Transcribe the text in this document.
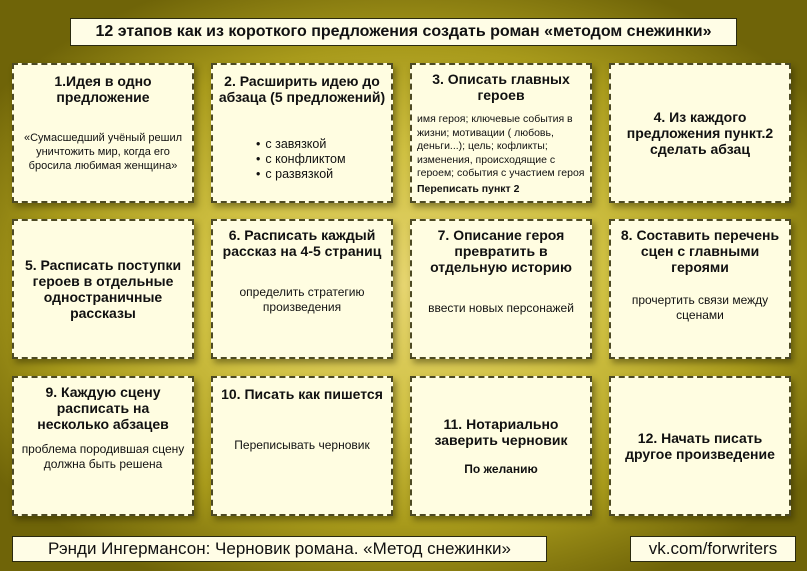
12 этапов как из короткого предложения создать роман «методом снежинки»
1.Идея в одно предложение

«Сумасшедший учёный решил уничтожить мир, когда его бросила любимая женщина»

2. Расширить идею до абзаца (5 предложений)
• с завязкой
• с конфликтом
• с развязкой
3. Описать главных героев

имя героя; ключевые события в жизни; мотивации ( любовь, деньги...); цель; кофликты; изменения, происходящие с героем; события с участием героя

Переписать пункт 2

4. Из каждого предложения пункт.2 сделать абзац
5. Расписать поступки героев в отдельные одностраничные рассказы
6. Расписать каждый рассказ на 4-5 страниц

определить стратегию произведения

7. Описание героя превратить в отдельную историю

ввести новых персонажей

8. Составить перечень сцен с главными героями

прочертить связи между сценами

9. Каждую сцену расписать на несколько абзацев

проблема породившая сцену должна быть решена

10. Писать как пишется

Переписывать черновик

11. Нотариально заверить черновик

По желанию

12. Начать писать другое произведение
Рэнди Ингермансон: Черновик романа. «Метод снежинки»	vk.com/forwriters
